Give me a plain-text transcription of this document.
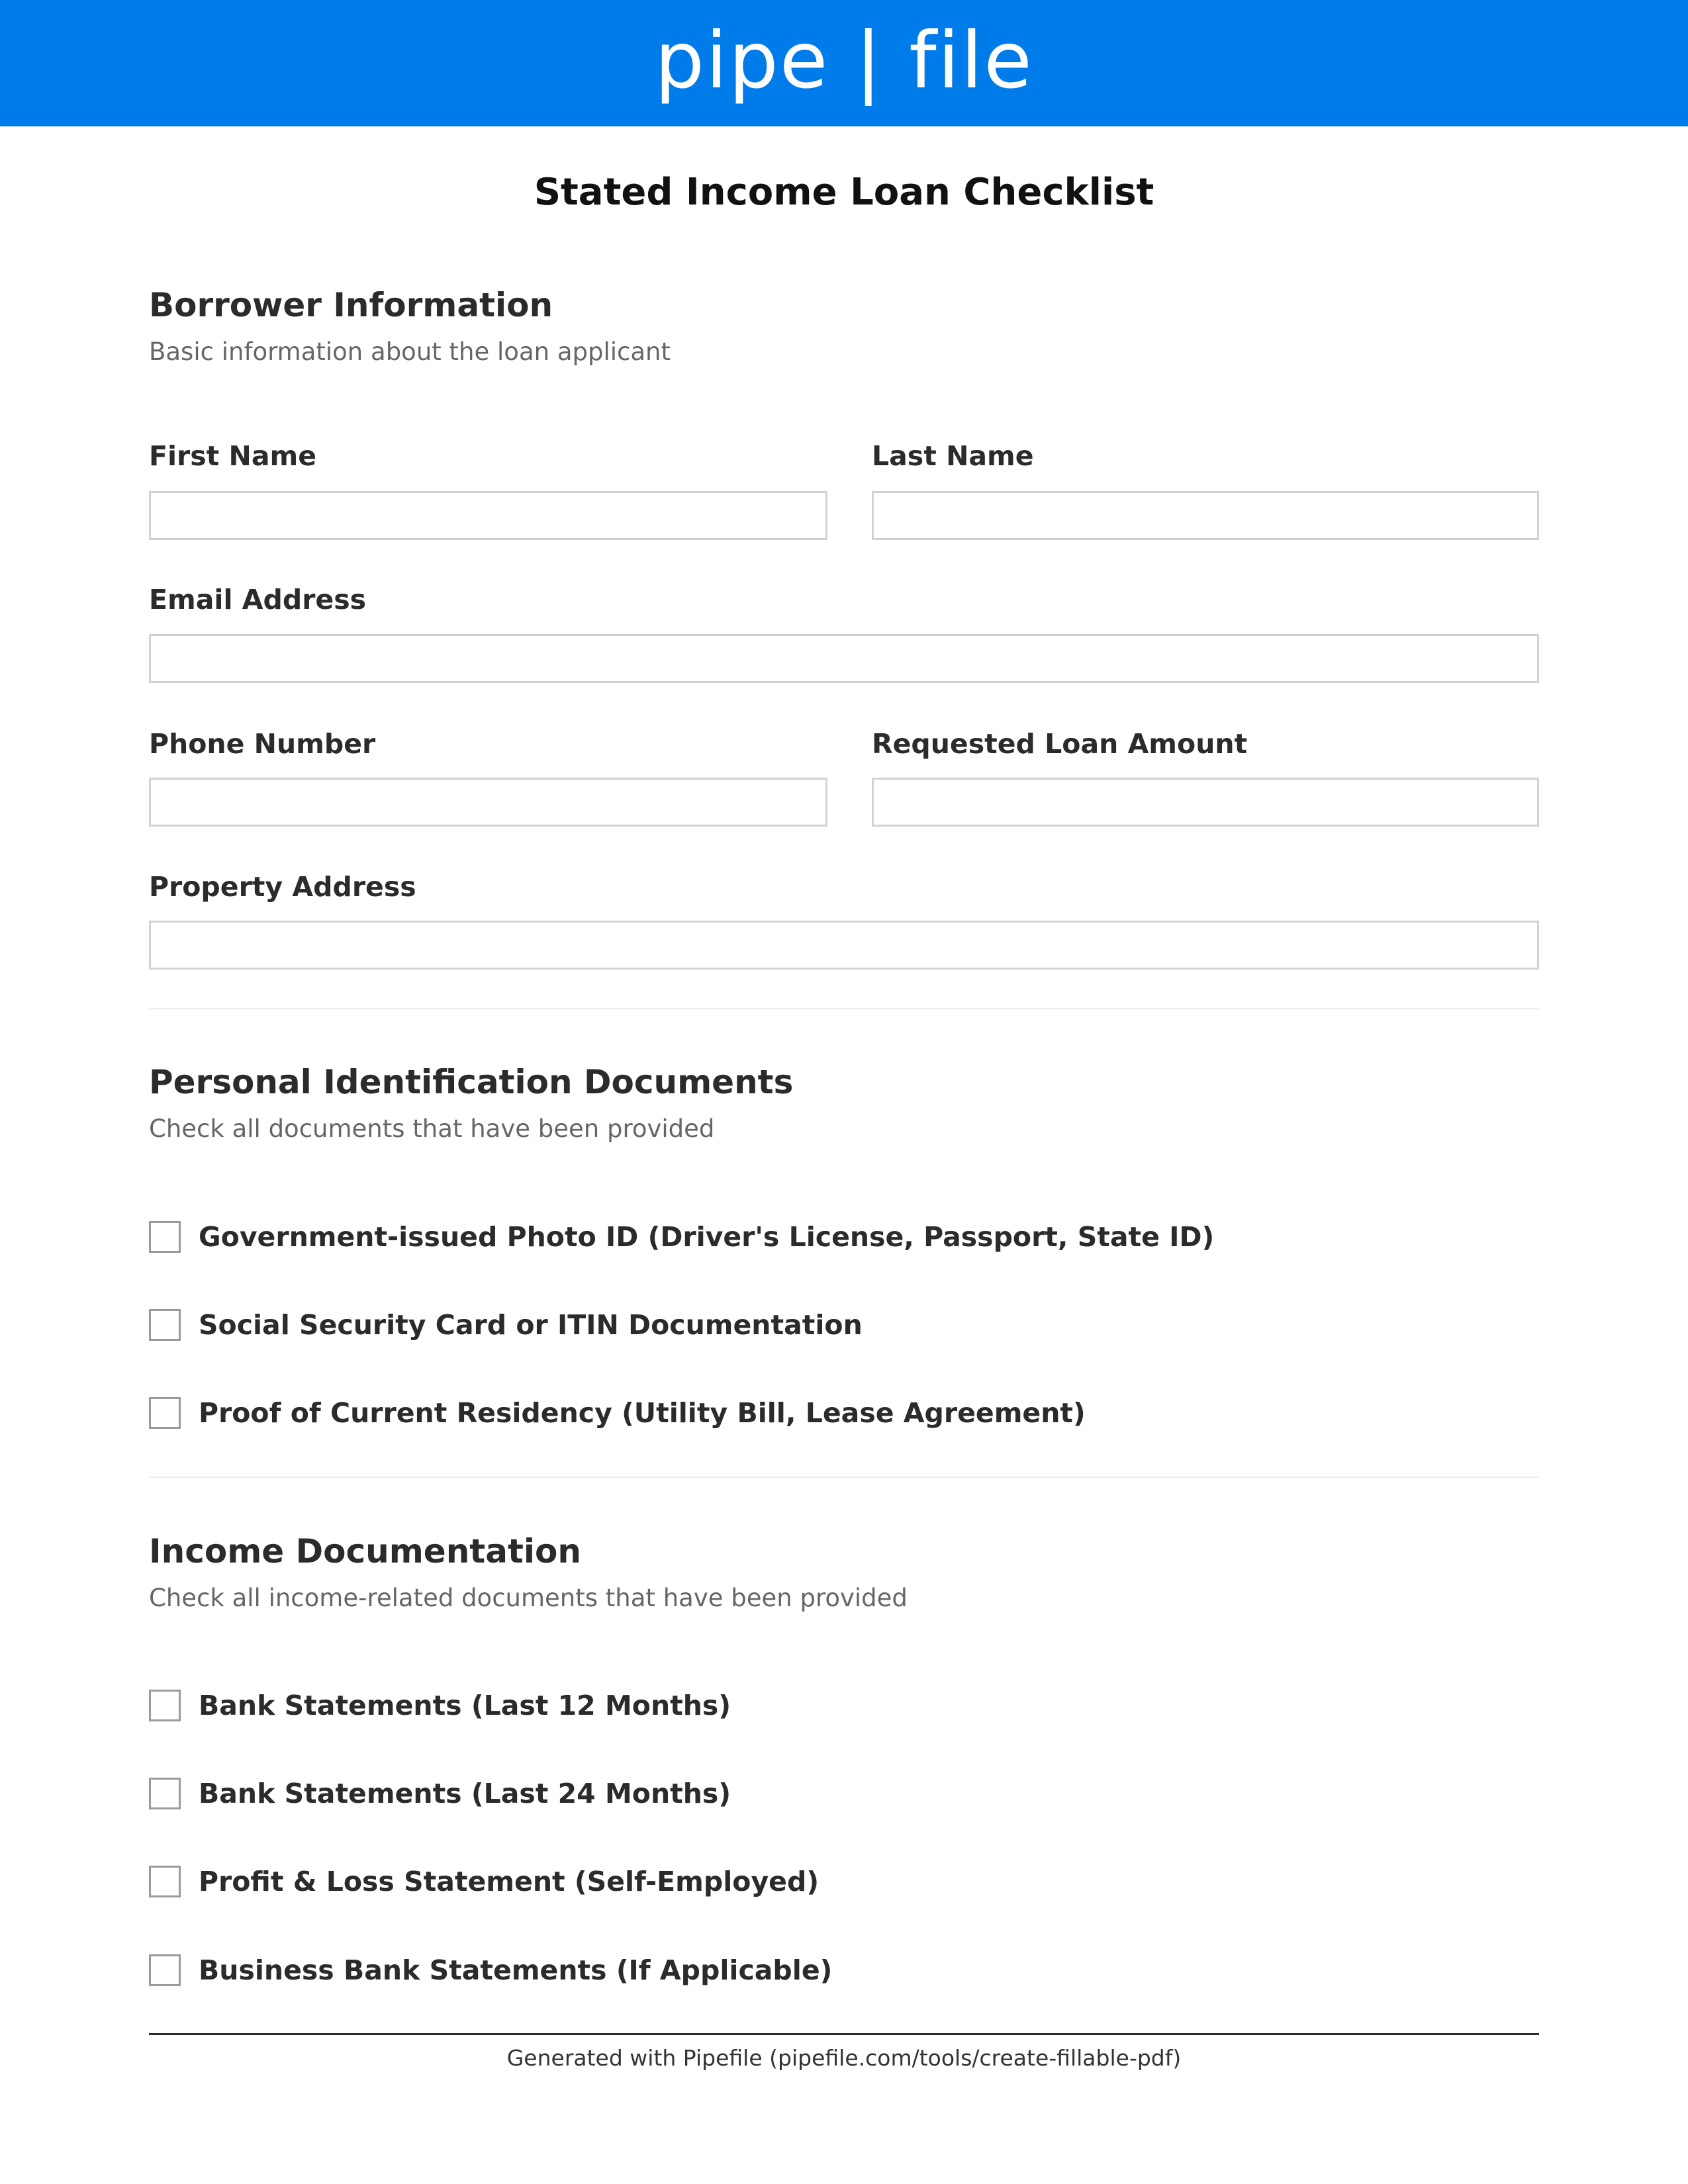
pipe | file
Stated Income Loan Checklist
Borrower Information
Basic information about the loan applicant
First Name	Last Name
Email Address
Phone Number	Requested Loan Amount
Property Address
Personal Identification Documents
Check all documents that have been provided
Government-issued Photo ID (Driver's License, Passport, State ID)
Social Security Card or ITIN Documentation
Proof of Current Residency (Utility Bill, Lease Agreement)
Income Documentation
Check all income-related documents that have been provided
Bank Statements (Last 12 Months)
Bank Statements (Last 24 Months)
Profit & Loss Statement (Self-Employed)
Business Bank Statements (If Applicable)
Generated with Pipefile (pipefile.com/tools/create-fillable-pdf)
